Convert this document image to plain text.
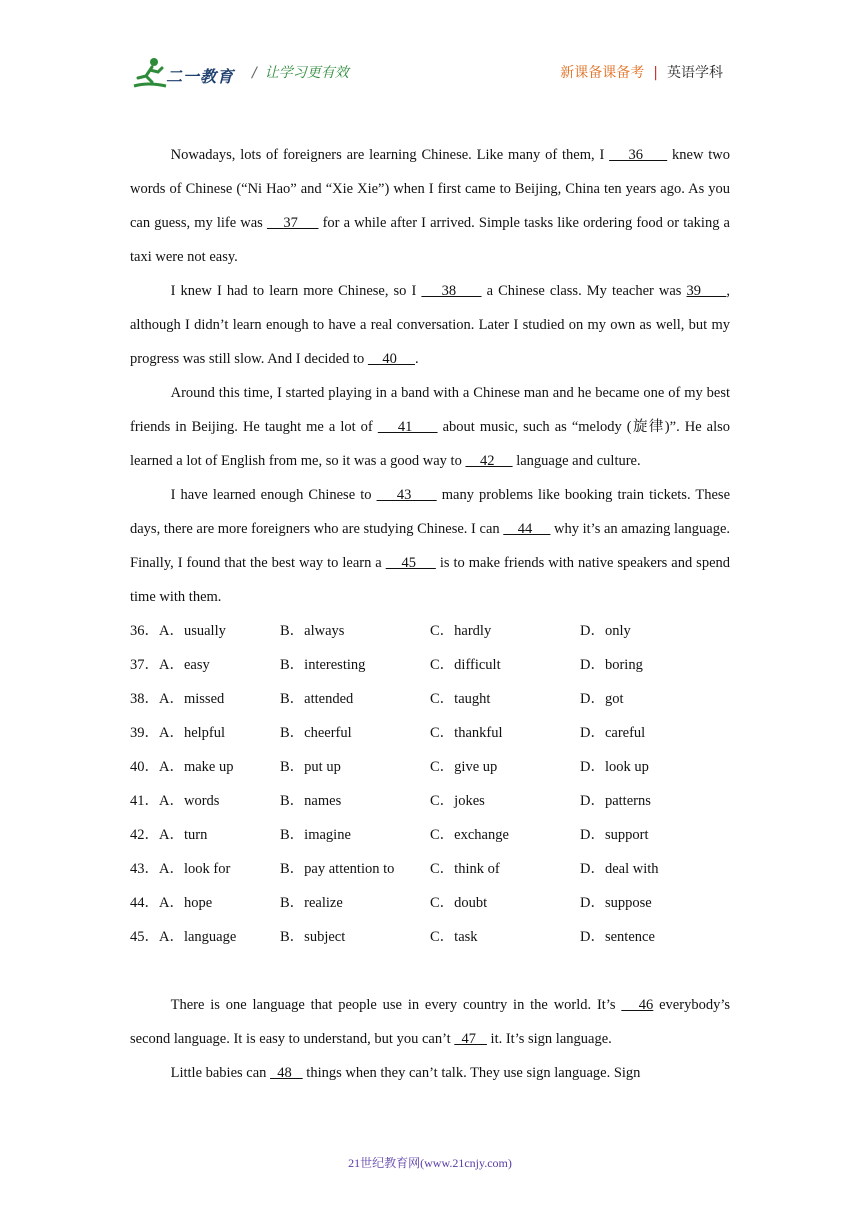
二一教育 / 让学习更有效	新课备课备考 | 英语学科

Nowadays, lots of foreigners are learning Chinese. Like many of them, I     36      knew two words of Chinese (“Ni Hao” and “Xie Xie”) when I first came to Beijing, China ten years ago. As you can guess, my life was     37      for a while after I arrived. Simple tasks like ordering food or taking a taxi were not easy.

I knew I had to learn more Chinese, so I     38      a Chinese class. My teacher was 39     , although I didn’t learn enough to have a real conversation. Later I studied on my own as well, but my progress was still slow. And I decided to     40     .

Around this time, I started playing in a band with a Chinese man and he became one of my best friends in Beijing. He taught me a lot of     41      about music, such as “melody (旋律)”. He also learned a lot of English from me, so it was a good way to     42      language and culture.

I have learned enough Chinese to     43      many problems like booking train tickets. These days, there are more foreigners who are studying Chinese. I can     44      why it’s an amazing language. Finally, I found that the best way to learn a     45      is to make friends with native speakers and spend time with them.

36．A．usually	B．always	C．hardly	D．only
37．A．easy	B．interesting	C．difficult	D．boring
38．A．missed	B．attended	C．taught	D．got
39．A．helpful	B．cheerful	C．thankful	D．careful
40．A．make up	B．put up	C．give up	D．look up
41．A．words	B．names	C．jokes	D．patterns
42．A．turn	B．imagine	C．exchange	D．support
43．A．look for	B．pay attention to C．think of	D．deal with
44．A．hope	B．realize	C．doubt	D．suppose
45．A．language	B．subject	C．task	D．sentence

There is one language that people use in every country in the world. It’s    46 everybody’s second language. It is easy to understand, but you can’t   47    it. It’s sign language.

Little babies can   48    things when they can’t talk. They use sign language. Sign

21世纪教育网(www.21cnjy.com)
